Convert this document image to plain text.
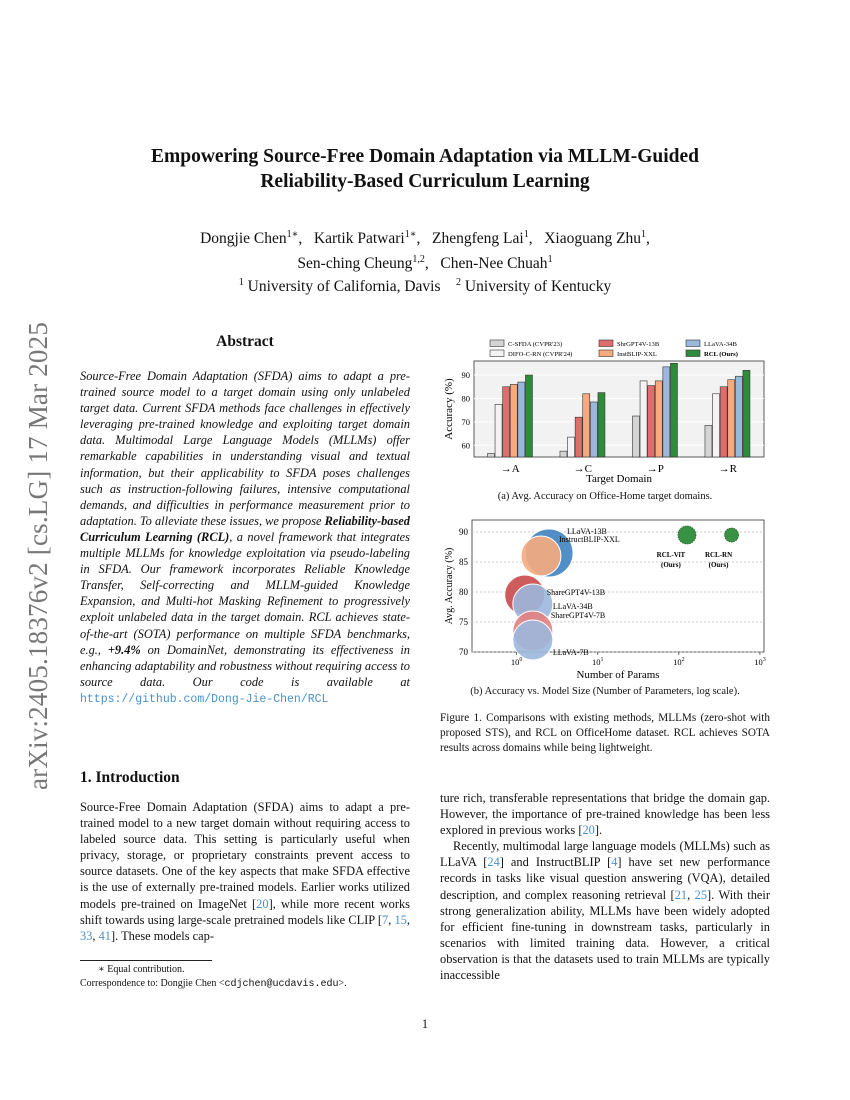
Empowering Source-Free Domain Adaptation via MLLM-Guided
Reliability-Based Curriculum Learning
Dongjie Chen$^{1∗}$,   Kartik Patwari$^{1∗}$,   Zhengfeng Lai$^1$,   Xiaoguang Zhu$^1$,
Sen-ching Cheung$^{1,2}$,   Chen-Nee Chuah$^1$
$^1$ University of California, Davis $^2$ University of Kentucky
arXiv:2405.18376v2 [cs.LG] 17 Mar 2025	Abstract
Source-Free Domain Adaptation (SFDA) aims to adapt a pre-trained source model to a target domain using only unlabeled target data. Current SFDA methods face challenges in effectively leveraging pre-trained knowledge and exploiting target domain data. Multimodal Large Language Models (MLLMs) offer remarkable capabilities in understanding visual and textual information, but their applicability to SFDA poses challenges such as instruction-following failures, intensive computational demands, and difficulties in performance measurement prior to adaptation. To alleviate these issues, we propose Reliability-based Curriculum Learning (RCL), a novel framework that integrates multiple MLLMs for knowledge exploitation via pseudo-labeling in SFDA. Our framework incorporates Reliable Knowledge Transfer, Self-correcting and MLLM-guided Knowledge Expansion, and Multi-hot Masking Refinement to progressively exploit unlabeled data in the target domain. RCL achieves state-of-the-art (SOTA) performance on multiple SFDA benchmarks, e.g., +9.4% on DomainNet, demonstrating its effectiveness in enhancing adaptability and robustness without requiring access to source data. Our code is available at https://github.com/Dong-Jie-Chen/RCL
1. Introduction
Source-Free Domain Adaptation (SFDA) aims to adapt a pre-trained model to a new target domain without requiring access to labeled source data. This setting is particularly useful when privacy, storage, or proprietary constraints prevent access to source datasets. One of the key aspects that make SFDA effective is the use of externally pre-trained models. Earlier works utilized models pre-trained on ImageNet [20], while more recent works shift towards using large-scale pretrained models like CLIP [7, 15, 33, 41]. These models cap-

ture rich, transferable representations that bridge the domain gap. However, the importance of pre-trained knowledge has been less explored in previous works [20].

Recently, multimodal large language models (MLLMs) such as LLaVA [24] and InstructBLIP [4] have set new performance records in tasks like visual question answering (VQA), detailed description, and complex reasoning retrieval [21, 25]. With their strong generalization ability, MLLMs have been widely adopted for efficient fine-tuning in downstream tasks, particularly in scenarios with limited training data. However, a critical observation is that the datasets used to train MLLMs are typically inaccessible

∗ Equal contribution.
Correspondence to: Dongjie Chen <cdjchen@ucdavis.edu>.
1
C-SFDA (CVPR'23)
DIFO-C-RN (CVPR'24)
ShrGPT4V-13B
InstBLIP-XXL
LLaVA-34B
RCL (Ours)
60
70
80
90
→A	→C	→P	→R
Accuracy (%)
Target Domain
(a) Avg. Accuracy on Office-Home target domains.
LLaVA-13B
InstructBLIP-XXL
ShareGPT4V-13B
LLaVA-34B
ShareGPT4V-7B
LLaVA-7B
RCL-ViT (Ours)
RCL-RN (Ours)
70
75
80
85
90
$10^0$	$10^1$	$10^2$	$10^3$
Avg. Accuracy (%)
Number of Params
(b) Accuracy vs. Model Size (Number of Parameters, log scale).
Figure 1. Comparisons with existing methods, MLLMs (zero-shot with proposed STS), and RCL on OfficeHome dataset. RCL achieves SOTA results across domains while being lightweight.
